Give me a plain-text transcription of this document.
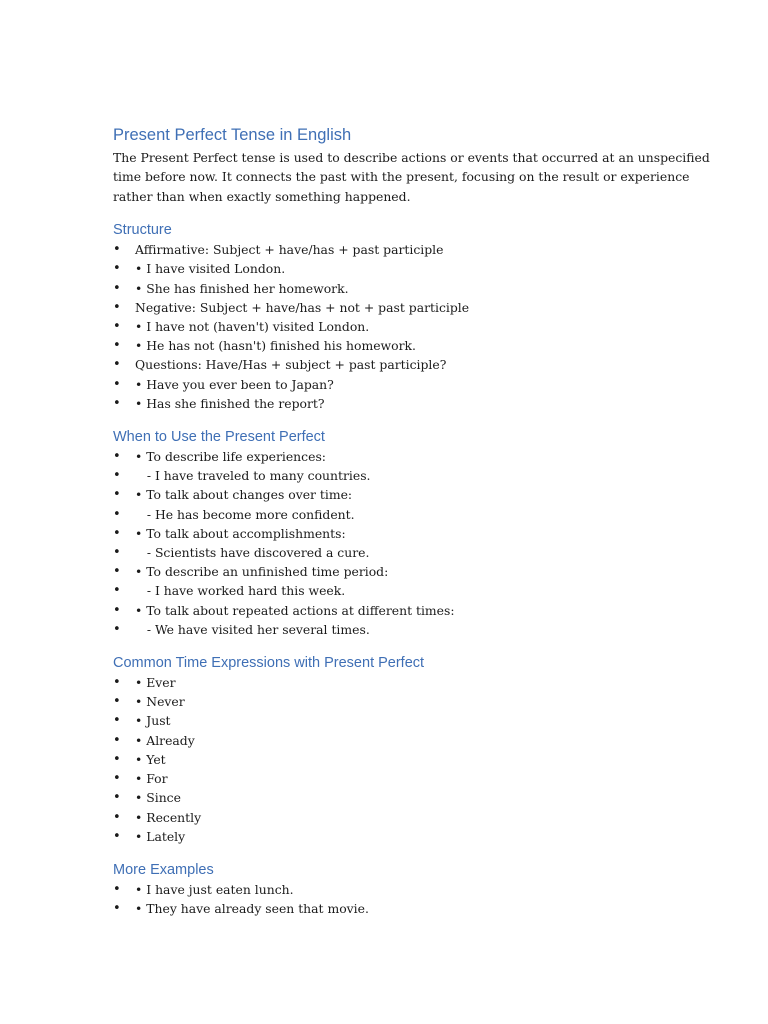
Present Perfect Tense in English

The Present Perfect tense is used to describe actions or events that occurred at an unspecified time before now. It connects the past with the present, focusing on the result or experience rather than when exactly something happened.

Structure
• Affirmative: Subject + have/has + past participle
• • I have visited London.
• • She has finished her homework.
• Negative: Subject + have/has + not + past participle
• • I have not (haven't) visited London.
• • He has not (hasn't) finished his homework.
• Questions: Have/Has + subject + past participle?
• • Have you ever been to Japan?
• • Has she finished the report?
When to Use the Present Perfect
• • To describe life experiences:
• - I have traveled to many countries.
• • To talk about changes over time:
• - He has become more confident.
• • To talk about accomplishments:
• - Scientists have discovered a cure.
• • To describe an unfinished time period:
• - I have worked hard this week.
• • To talk about repeated actions at different times:
• - We have visited her several times.
Common Time Expressions with Present Perfect
• • Ever
• • Never
• • Just
• • Already
• • Yet
• • For
• • Since
• • Recently
• • Lately
More Examples
• • I have just eaten lunch.
• • They have already seen that movie.
